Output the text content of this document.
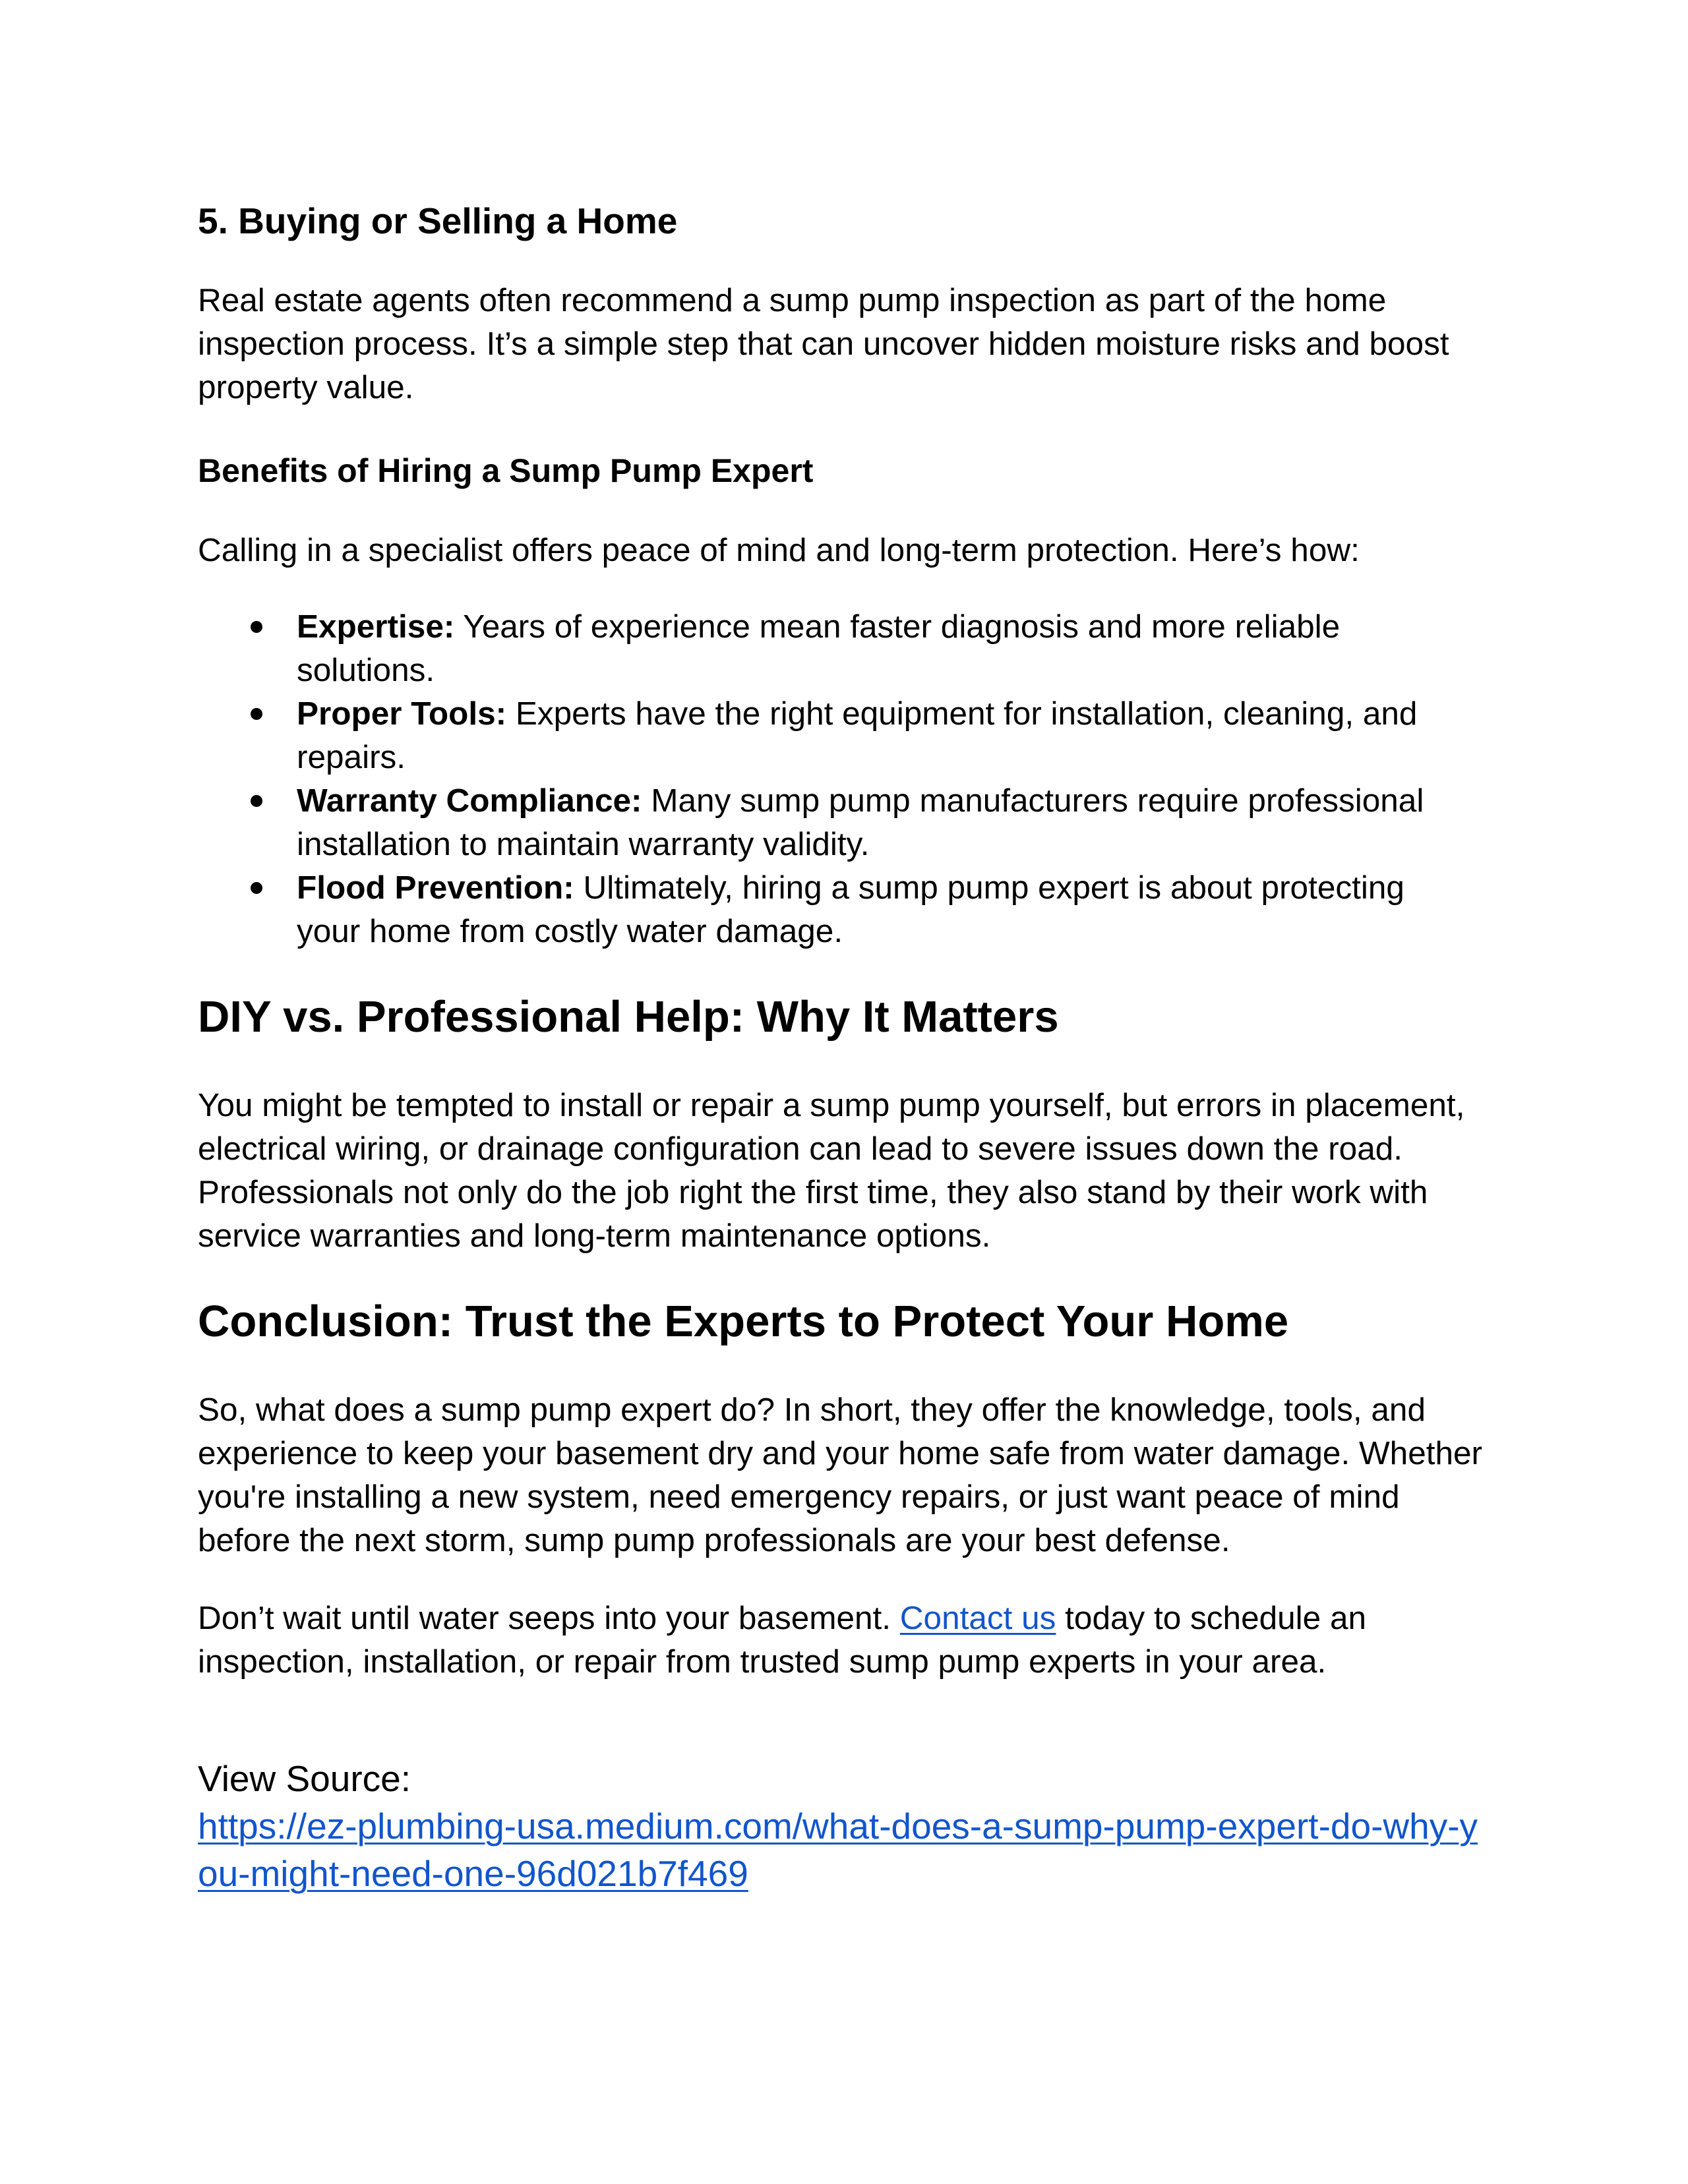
5. Buying or Selling a Home

Real estate agents often recommend a sump pump inspection as part of the home inspection process. It’s a simple step that can uncover hidden moisture risks and boost property value.

Benefits of Hiring a Sump Pump Expert

Calling in a specialist offers peace of mind and long-term protection. Here’s how:

Expertise: Years of experience mean faster diagnosis and more reliable solutions.
Proper Tools: Experts have the right equipment for installation, cleaning, and repairs.
Warranty Compliance: Many sump pump manufacturers require professional installation to maintain warranty validity.
Flood Prevention: Ultimately, hiring a sump pump expert is about protecting your home from costly water damage.
DIY vs. Professional Help: Why It Matters

You might be tempted to install or repair a sump pump yourself, but errors in placement, electrical wiring, or drainage configuration can lead to severe issues down the road. Professionals not only do the job right the first time, they also stand by their work with service warranties and long-term maintenance options.

Conclusion: Trust the Experts to Protect Your Home

So, what does a sump pump expert do? In short, they offer the knowledge, tools, and experience to keep your basement dry and your home safe from water damage. Whether you're installing a new system, need emergency repairs, or just want peace of mind before the next storm, sump pump professionals are your best defense.

Don’t wait until water seeps into your basement. Contact us today to schedule an inspection, installation, or repair from trusted sump pump experts in your area.

View Source:

https://ez-plumbing-usa.medium.com/what-does-a-sump-pump-expert-do-why-you-might-need-one-96d021b7f469
